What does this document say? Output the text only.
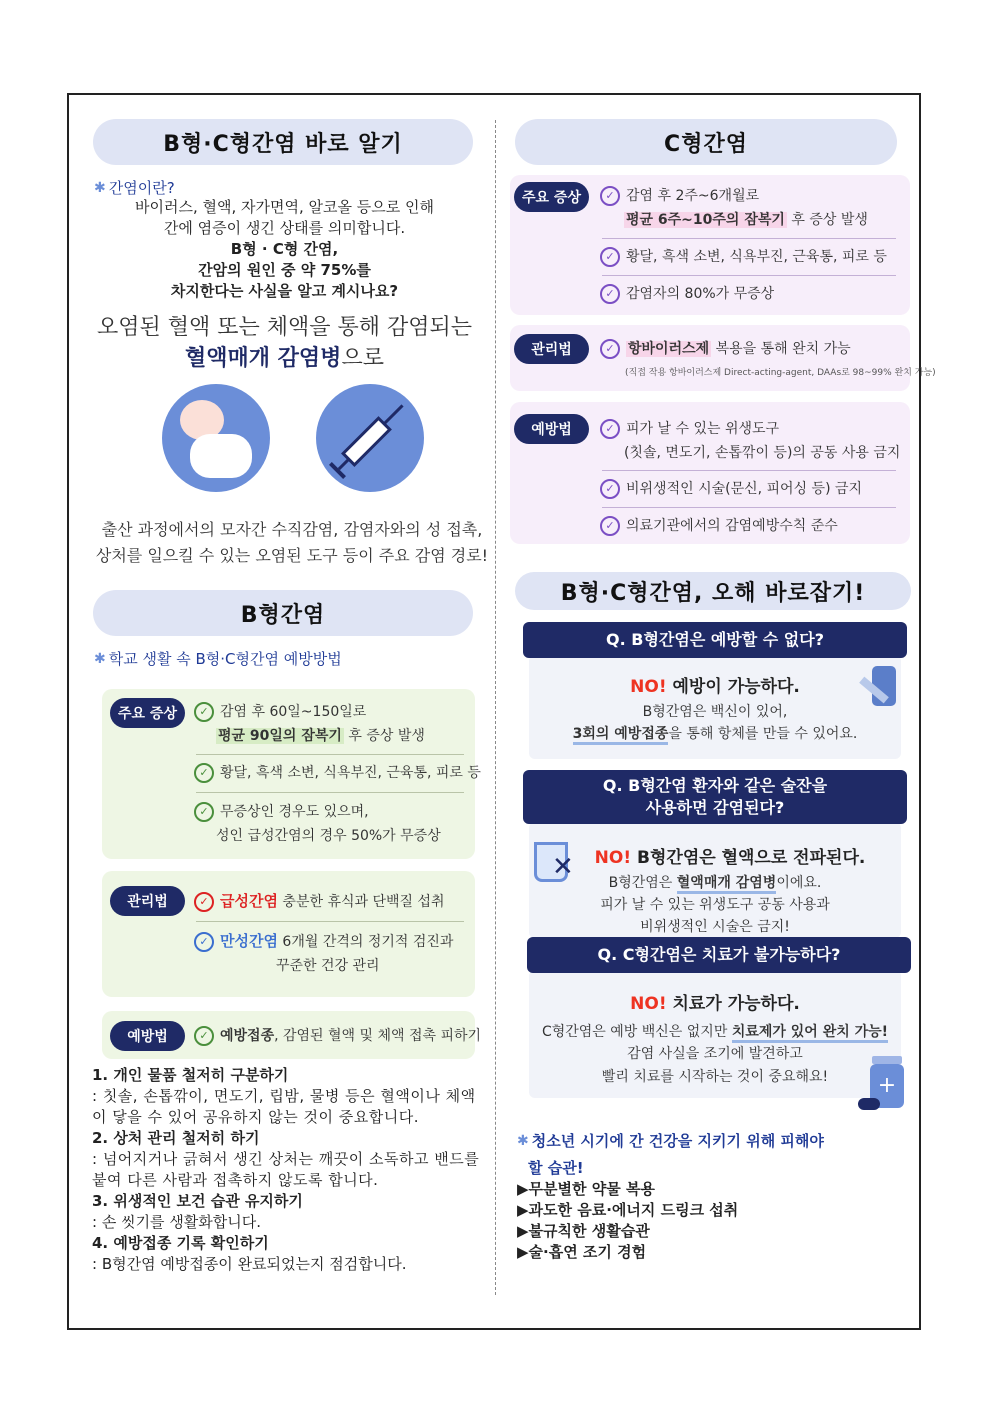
B형·C형간염 바로 알기
✱ 간염이란?
바이러스, 혈액, 자가면역, 알코올 등으로 인해
간에 염증이 생긴 상태를 의미합니다.
B형 · C형 간염,
간암의 원인 중 약 75%를
차지한다는 사실을 알고 계시나요?
오염된 혈액 또는 체액을 통해 감염되는
혈액매개 감염병으로
출산 과정에서의 모자간 수직감염, 감염자와의 성 접촉,
상처를 일으킬 수 있는 오염된 도구 등이 주요 감염 경로!
B형간염
✱ 학교 생활 속 B형·C형간염 예방방법
주요 증상	✓ 감염 후 60일~150일로
평균 90일의 잠복기 후 증상 발생
✓ 황달, 흑색 소변, 식욕부진, 근육통, 피로 등
✓ 무증상인 경우도 있으며,
성인 급성간염의 경우 50%가 무증상
관리법	✓ 급성간염 충분한 휴식과 단백질 섭취
✓ 만성간염 6개월 간격의 정기적 검진과
꾸준한 건강 관리
예방법	✓ 예방접종, 감염된 혈액 및 체액 접촉 피하기
1. 개인 물품 철저히 구분하기
: 칫솔, 손톱깎이, 면도기, 립밤, 물병 등은 혈액이나 체액이 닿을 수 있어 공유하지 않는 것이 중요합니다.
2. 상처 관리 철저히 하기
: 넘어지거나 긁혀서 생긴 상처는 깨끗이 소독하고 밴드를 붙여 다른 사람과 접촉하지 않도록 합니다.
3. 위생적인 보건 습관 유지하기
: 손 씻기를 생활화합니다.
4. 예방접종 기록 확인하기
: B형간염 예방접종이 완료되었는지 점검합니다.
C형간염
주요 증상	✓ 감염 후 2주~6개월로
평균 6주~10주의 잠복기 후 증상 발생
✓ 황달, 흑색 소변, 식욕부진, 근육통, 피로 등
✓ 감염자의 80%가 무증상
관리법	✓ 항바이러스제 복용을 통해 완치 가능
(직접 작용 항바이러스제 Direct-acting-agent, DAAs로 98~99% 완치 가능)
예방법	✓ 피가 날 수 있는 위생도구
(칫솔, 면도기, 손톱깎이 등)의 공동 사용 금지
✓ 비위생적인 시술(문신, 피어싱 등) 금지
✓ 의료기관에서의 감염예방수칙 준수
B형·C형간염, 오해 바로잡기!
Q. B형간염은 예방할 수 없다?
NO! 예방이 가능하다.
B형간염은 백신이 있어,
3회의 예방접종을 통해 항체를 만들 수 있어요.
Q. B형간염 환자와 같은 술잔을
사용하면 감염된다?
NO! B형간염은 혈액으로 전파된다.
B형간염은 혈액매개 감염병이에요.
피가 날 수 있는 위생도구 공동 사용과
비위생적인 시술은 금지!
✕
Q. C형간염은 치료가 불가능하다?
NO! 치료가 가능하다.
C형간염은 예방 백신은 없지만 치료제가 있어 완치 가능!
감염 사실을 조기에 발견하고
빨리 치료를 시작하는 것이 중요해요!	+
✱ 청소년 시기에 간 건강을 지키기 위해 피해야
할 습관!
▶무분별한 약물 복용
▶과도한 음료·에너지 드링크 섭취
▶불규칙한 생활습관
▶술·흡연 조기 경험
